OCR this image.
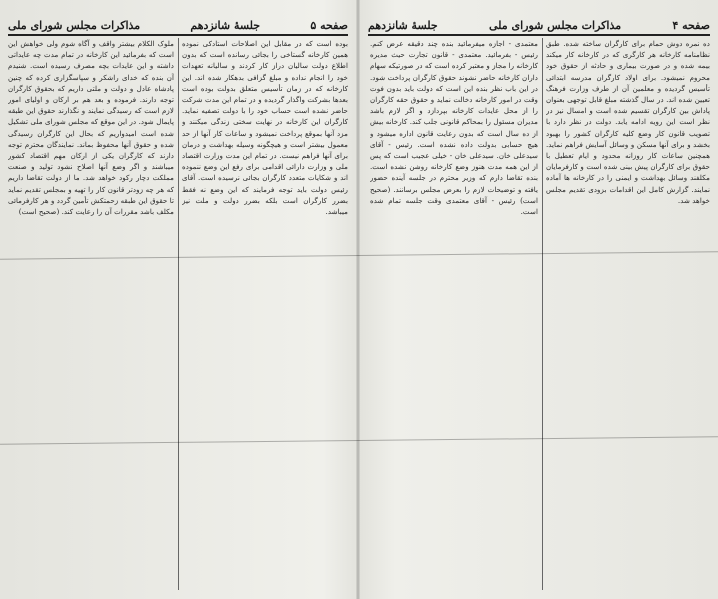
صفحه ۵
جلسهٔ شانزدهم
مذاکرات مجلس شورای ملی

بوده است که در مقابل این اصلاحات استادکی نموده همین کارخانه گستاخی را بجائی رسانده است که بدون اطلاع دولت سالیان دراز کار کردند و سالیانه تعهدات خود را انجام نداده و مبلغ گزافی بدهکار شده اند. این کارخانه که در زمان تأسیس متعلق بدولت بوده است بعدها بشرکت واگذار گردیده و در تمام این مدت شرکت حاضر نشده است حساب خود را با دولت تصفیه نماید. کارگران این کارخانه در نهایت سختی زندگی میکنند و مزد آنها بموقع پرداخت نمیشود و ساعات کار آنها از حد معمول بیشتر است و هیچگونه وسیله بهداشت و درمان برای آنها فراهم نیست. در تمام این مدت وزارت اقتصاد ملی و وزارت دارائی اقدامی برای رفع این وضع ننموده اند و شکایات متعدد کارگران بجائی نرسیده است. آقای رئیس دولت باید توجه فرمایند که این وضع نه فقط بضرر کارگران است بلکه بضرر دولت و ملت نیز میباشد.

ملوک الکلام بیشتر واقف و آگاه شوم ولی خواهش این است که بفرمائید این کارخانه در تمام مدت چه عایداتی داشته و این عایدات بچه مصرف رسیده است. شنیدم آن بنده که خدای راشکر و سپاسگزاری کرده که چنین پادشاه عادل و دولت و ملتی داریم که بحقوق کارگران توجه دارند. فرموده و بعد هم بر ارکان و اولیای امور لازم است که رسیدگی نمایند و نگذارند حقوق این طبقه پایمال شود. در این موقع که مجلس شورای ملی تشکیل شده است امیدواریم که بحال این کارگران رسیدگی شده و حقوق آنها محفوظ بماند. نمایندگان محترم توجه دارند که کارگران یکی از ارکان مهم اقتصاد کشور میباشند و اگر وضع آنها اصلاح نشود تولید و صنعت مملکت دچار رکود خواهد شد. ما از دولت تقاضا داریم که هر چه زودتر قانون کار را تهیه و بمجلس تقدیم نماید تا حقوق این طبقه زحمتکش تأمین گردد و هر کارفرمائی مکلف باشد مقررات آن را رعایت کند. (صحیح است)

صفحه ۴
مذاکرات مجلس شورای ملی
جلسهٔ شانزدهم

ده نمره دوش حمام برای کارگران ساخته شده. طبق نظامنامه کارخانه هر کارگری که در کارخانه کار میکند بیمه شده و در صورت بیماری و حادثه از حقوق خود محروم نمیشود. برای اولاد کارگران مدرسه ابتدائی تأسیس گردیده و معلمین آن از طرف وزارت فرهنگ تعیین شده اند. در سال گذشته مبلغ قابل توجهی بعنوان پاداش بین کارگران تقسیم شده است و امسال نیز در نظر است این رویه ادامه یابد. دولت در نظر دارد با تصویب قانون کار وضع کلیه کارگران کشور را بهبود بخشد و برای آنها مسکن و وسائل آسایش فراهم نماید. همچنین ساعات کار روزانه محدود و ایام تعطیل با حقوق برای کارگران پیش بینی شده است و کارفرمایان مکلفند وسائل بهداشت و ایمنی را در کارخانه ها آماده نمایند. گزارش کامل این اقدامات بزودی تقدیم مجلس خواهد شد.

معتمدی - اجازه میفرمائید بنده چند دقیقه عرض کنم. رئیس - بفرمائید. معتمدی - قانون تجارت حیث مدیره کارخانه را مجاز و معتبر کرده است که در صورتیکه سهام داران کارخانه حاضر نشوند حقوق کارگران پرداخت شود. در این باب نظر بنده این است که دولت باید بدون فوت وقت در امور کارخانه دخالت نماید و حقوق حقه کارگران را از محل عایدات کارخانه بپردازد و اگر لازم باشد مدیران مسئول را بمحاکم قانونی جلب کند. کارخانه بیش از ده سال است که بدون رعایت قانون اداره میشود و هیچ حسابی بدولت داده نشده است. رئیس - آقای سیدعلی خان. سیدعلی خان - خیلی عجیب است که پس از این همه مدت هنوز وضع کارخانه روشن نشده است. بنده تقاضا دارم که وزیر محترم در جلسه آینده حضور یافته و توضیحات لازم را بعرض مجلس برسانند. (صحیح است) رئیس - آقای معتمدی وقت جلسه تمام شده است.
